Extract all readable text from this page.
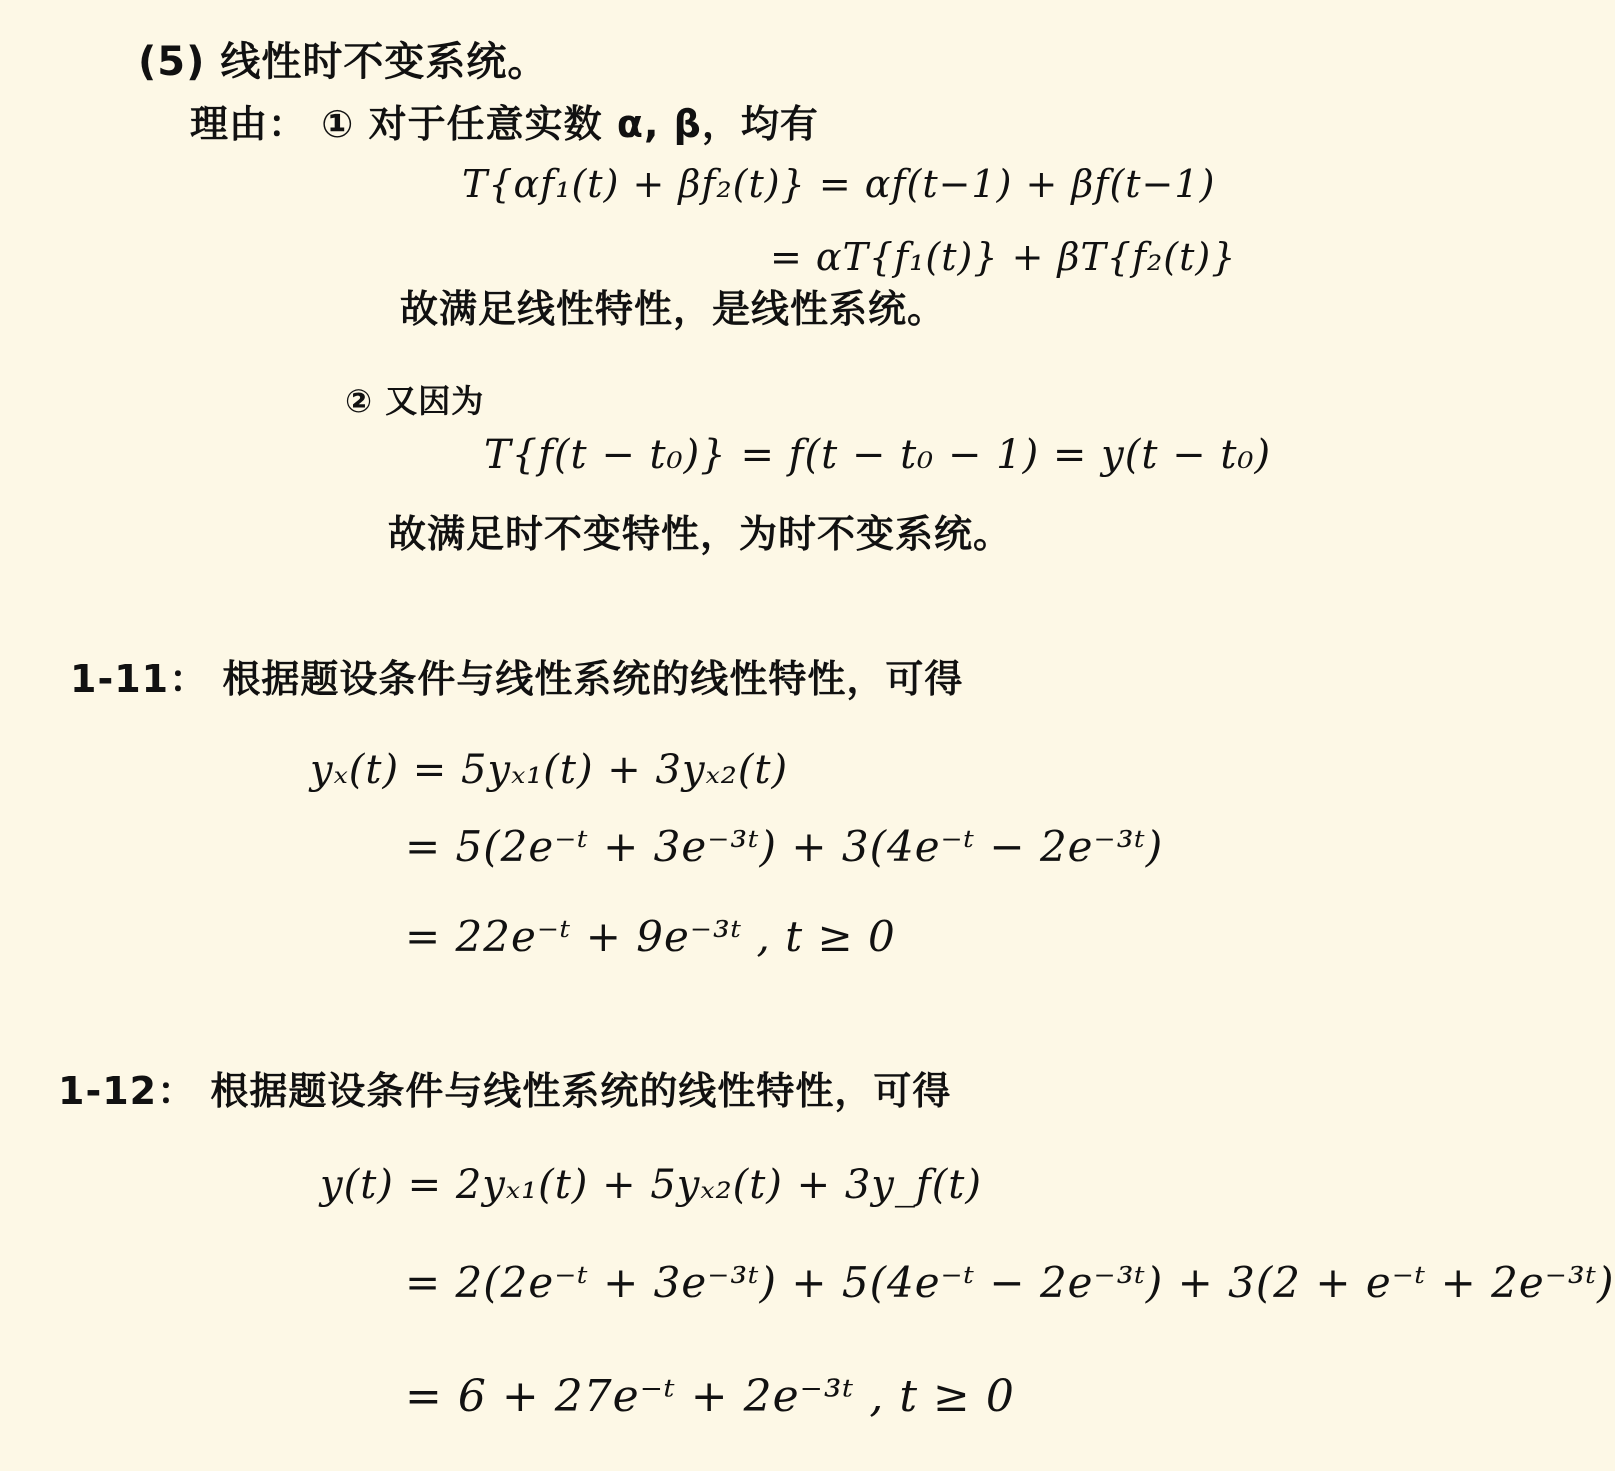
(5) 线性时不变系统。
理由： ① 对于任意实数 α, β，均有
T{αf₁(t) + βf₂(t)} = αf(t−1) + βf(t−1)
= αT{f₁(t)} + βT{f₂(t)}
故满足线性特性，是线性系统。
② 又因为
T{f(t − t₀)} = f(t − t₀ − 1) = y(t − t₀)
故满足时不变特性，为时不变系统。
1-11： 根据题设条件与线性系统的线性特性，可得
yₓ(t) = 5yₓ₁(t) + 3yₓ₂(t)
= 5(2e⁻ᵗ + 3e⁻³ᵗ) + 3(4e⁻ᵗ − 2e⁻³ᵗ)
= 22e⁻ᵗ + 9e⁻³ᵗ , t ≥ 0
1-12： 根据题设条件与线性系统的线性特性，可得
y(t) = 2yₓ₁(t) + 5yₓ₂(t) + 3y_f(t)
= 2(2e⁻ᵗ + 3e⁻³ᵗ) + 5(4e⁻ᵗ − 2e⁻³ᵗ) + 3(2 + e⁻ᵗ + 2e⁻³ᵗ)
= 6 + 27e⁻ᵗ + 2e⁻³ᵗ , t ≥ 0
